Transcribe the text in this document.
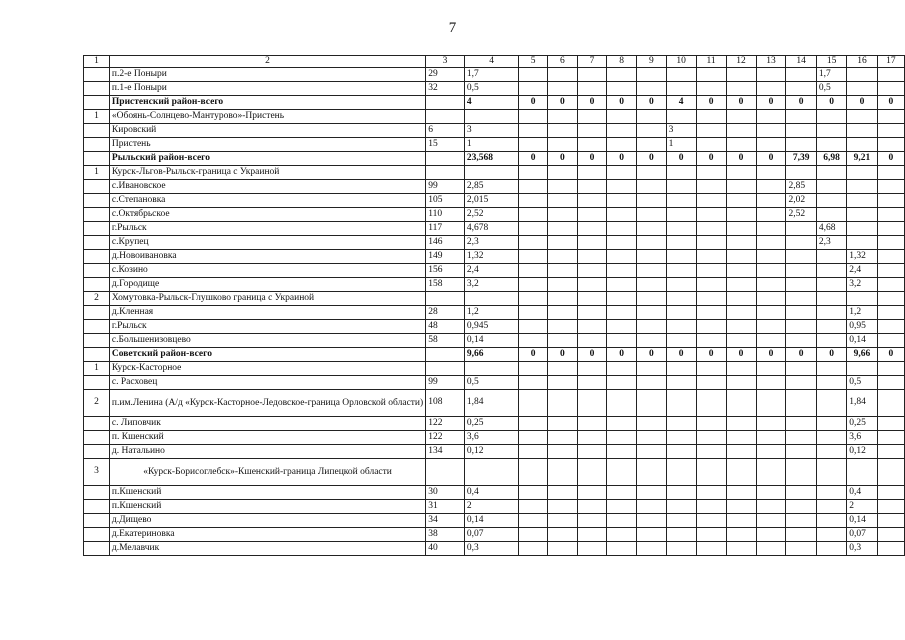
7
1	2	3	4	5	6	7	8	9	10	11	12	13	14	15	16	17
	п.2-е Поныри	29	1,7											1,7		
	п.1-е Поныри	32	0,5											0,5		
	Пристенский район-всего		4	0	0	0	0	0	4	0	0	0	0	0	0	0
1	«Обоянь-Солнцево-Мантурово»-Пристень															
	Кировский	6	3						3							
	Пристень	15	1						1							
	Рыльский район-всего		23,568	0	0	0	0	0	0	0	0	0	7,39	6,98	9,21	0
1	Курск-Льгов-Рыльск-граница с Украиной															
	с.Ивановское	99	2,85										2,85			
	с.Степановка	105	2,015										2,02			
	с.Октябрьское	110	2,52										2,52			
	г.Рыльск	117	4,678											4,68		
	с.Крупец	146	2,3											2,3		
	д.Новоивановка	149	1,32												1,32	
	с.Козино	156	2,4												2,4	
	д.Городище	158	3,2												3,2	
2	Хомутовка-Рыльск-Глушково граница с Украиной															
	д.Кленная	28	1,2												1,2	
	г.Рыльск	48	0,945												0,95	
	с.Большенизовцево	58	0,14												0,14	
	Советский район-всего		9,66	0	0	0	0	0	0	0	0	0	0	0	9,66	0
1	Курск-Касторное															
	с. Расховец	99	0,5												0,5	
2	п.им.Ленина (А/д «Курск-Касторное-Ледовское-граница Орловской области)	108	1,84												1,84	
	с. Липовчик	122	0,25												0,25	
	п. Кшенский	122	3,6												3,6	
	д. Натальино	134	0,12												0,12	
3	«Курск-Борисоглебск»-Кшенский-граница Липецкой области															
	п.Кшенский	30	0,4												0,4	
	п.Кшенский	31	2												2	
	д.Дищево	34	0,14												0,14	
	д.Екатериновка	38	0,07												0,07	
	д.Мелавчик	40	0,3												0,3	
